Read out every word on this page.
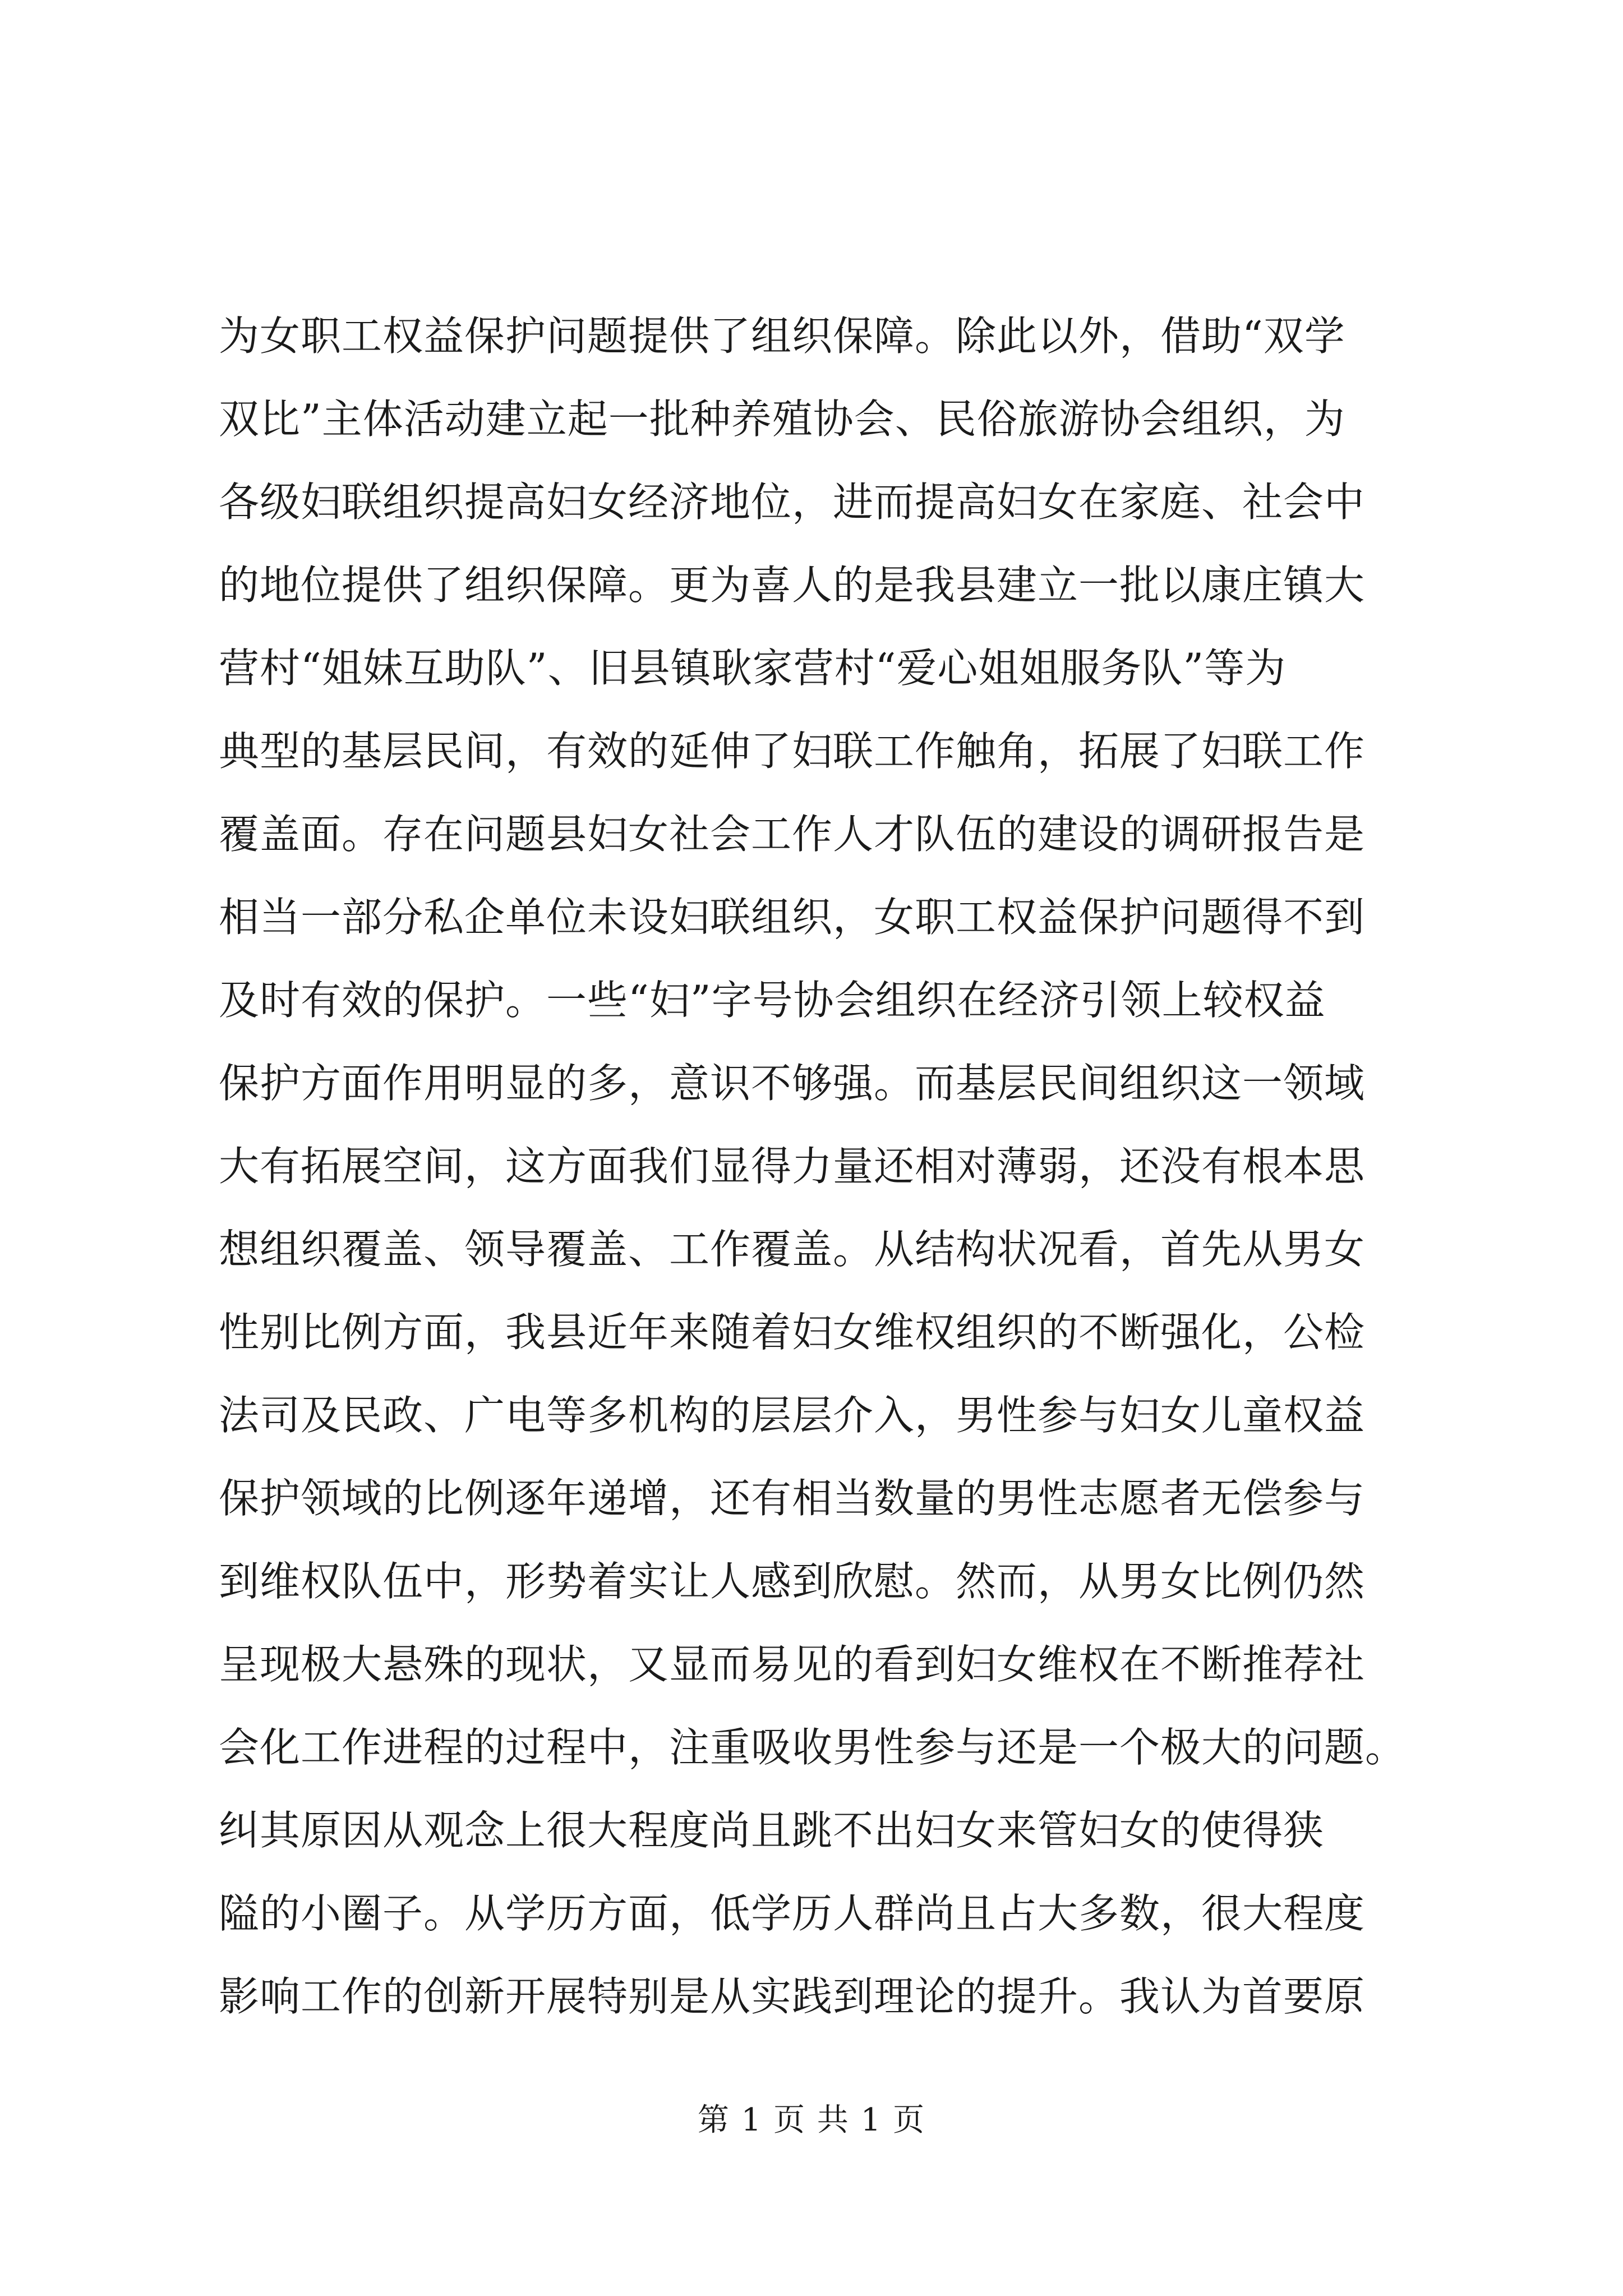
为女职工权益保护问题提供了组织保障。除此以外，借助“双学
双比”主体活动建立起一批种养殖协会、民俗旅游协会组织，为
各级妇联组织提高妇女经济地位，进而提高妇女在家庭、社会中
的地位提供了组织保障。更为喜人的是我县建立一批以康庄镇大
营村“姐妹互助队”、旧县镇耿家营村“爱心姐姐服务队”等为
典型的基层民间，有效的延伸了妇联工作触角，拓展了妇联工作
覆盖面。存在问题县妇女社会工作人才队伍的建设的调研报告是
相当一部分私企单位未设妇联组织，女职工权益保护问题得不到
及时有效的保护。一些“妇”字号协会组织在经济引领上较权益
保护方面作用明显的多，意识不够强。而基层民间组织这一领域
大有拓展空间，这方面我们显得力量还相对薄弱，还没有根本思
想组织覆盖、领导覆盖、工作覆盖。从结构状况看，首先从男女
性别比例方面，我县近年来随着妇女维权组织的不断强化，公检
法司及民政、广电等多机构的层层介入，男性参与妇女儿童权益
保护领域的比例逐年递增，还有相当数量的男性志愿者无偿参与
到维权队伍中，形势着实让人感到欣慰。然而，从男女比例仍然
呈现极大悬殊的现状，又显而易见的看到妇女维权在不断推荐社
会化工作进程的过程中，注重吸收男性参与还是一个极大的问题。
纠其原因从观念上很大程度尚且跳不出妇女来管妇女的使得狭
隘的小圈子。从学历方面，低学历人群尚且占大多数，很大程度
影响工作的创新开展特别是从实践到理论的提升。我认为首要原
第 1 页 共 1 页
